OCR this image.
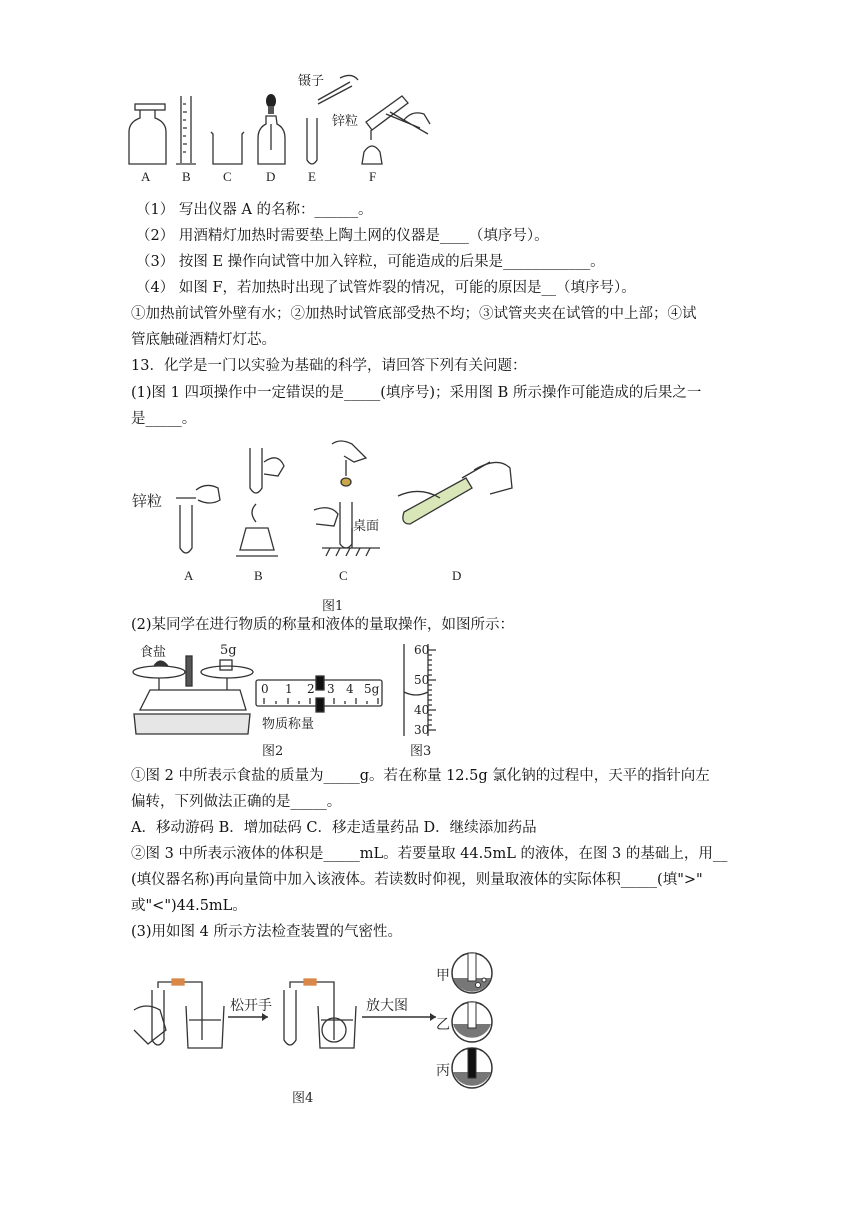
A B C	D	E	F
镊子
锌粒
（1） 写出仪器 A 的名称：______。
（2） 用酒精灯加热时需要垫上陶土网的仪器是____（填序号）。
（3） 按图 E 操作向试管中加入锌粒，可能造成的后果是____________。
（4） 如图 F，若加热时出现了试管炸裂的情况，可能的原因是__（填序号）。
①加热前试管外壁有水；②加热时试管底部受热不均；③试管夹夹在试管的中上部；④试
管底触碰酒精灯灯芯。
13．化学是一门以实验为基础的科学，请回答下列有关问题：
(1)图 1 四项操作中一定错误的是_____(填序号)；采用图 B 所示操作可能造成的后果之一
是_____。
锌粒
桌面
A	B	C	D
图1
(2)某同学在进行物质的称量和液体的量取操作，如图所示：
食盐	5g
0 1 2 3 4 5g
物质称量
图2
60
50
40
30
图3
①图 2 中所表示食盐的质量为_____g。若在称量 12.5g 氯化钠的过程中，天平的指针向左
偏转，下列做法正确的是_____。
A．移动游码 B．增加砝码 C．移走适量药品 D．继续添加药品
②图 3 中所表示液体的体积是_____mL。若要量取 44.5mL 的液体，在图 3 的基础上，用__
(填仪器名称)再向量筒中加入该液体。若读数时仰视，则量取液体的实际体积_____(填">"
或"<")44.5mL。
(3)用如图 4 所示方法检查装置的气密性。
松开手	放大图
甲
乙
丙
图4
